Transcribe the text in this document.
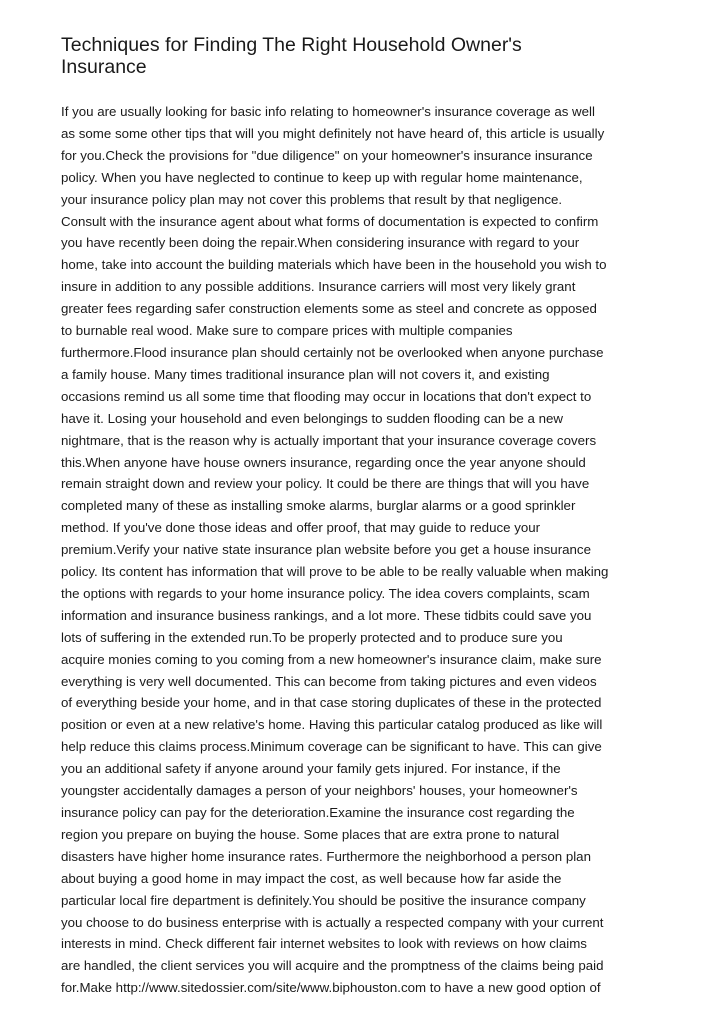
Techniques for Finding The Right Household Owner's
Insurance
If you are usually looking for basic info relating to homeowner's insurance coverage as well
as some some other tips that will you might definitely not have heard of, this article is usually
for you.Check the provisions for "due diligence" on your homeowner's insurance insurance
policy. When you have neglected to continue to keep up with regular home maintenance,
your insurance policy plan may not cover this problems that result by that negligence.
Consult with the insurance agent about what forms of documentation is expected to confirm
you have recently been doing the repair.When considering insurance with regard to your
home, take into account the building materials which have been in the household you wish to
insure in addition to any possible additions. Insurance carriers will most very likely grant
greater fees regarding safer construction elements some as steel and concrete as opposed
to burnable real wood. Make sure to compare prices with multiple companies
furthermore.Flood insurance plan should certainly not be overlooked when anyone purchase
a family house. Many times traditional insurance plan will not covers it, and existing
occasions remind us all some time that flooding may occur in locations that don't expect to
have it. Losing your household and even belongings to sudden flooding can be a new
nightmare, that is the reason why is actually important that your insurance coverage covers
this.When anyone have house owners insurance, regarding once the year anyone should
remain straight down and review your policy. It could be there are things that will you have
completed many of these as installing smoke alarms, burglar alarms or a good sprinkler
method. If you've done those ideas and offer proof, that may guide to reduce your
premium.Verify your native state insurance plan website before you get a house insurance
policy. Its content has information that will prove to be able to be really valuable when making
the options with regards to your home insurance policy. The idea covers complaints, scam
information and insurance business rankings, and a lot more. These tidbits could save you
lots of suffering in the extended run.To be properly protected and to produce sure you
acquire monies coming to you coming from a new homeowner's insurance claim, make sure
everything is very well documented. This can become from taking pictures and even videos
of everything beside your home, and in that case storing duplicates of these in the protected
position or even at a new relative's home. Having this particular catalog produced as like will
help reduce this claims process.Minimum coverage can be significant to have. This can give
you an additional safety if anyone around your family gets injured. For instance, if the
youngster accidentally damages a person of your neighbors' houses, your homeowner's
insurance policy can pay for the deterioration.Examine the insurance cost regarding the
region you prepare on buying the house. Some places that are extra prone to natural
disasters have higher home insurance rates. Furthermore the neighborhood a person plan
about buying a good home in may impact the cost, as well because how far aside the
particular local fire department is definitely.You should be positive the insurance company
you choose to do business enterprise with is actually a respected company with your current
interests in mind. Check different fair internet websites to look with reviews on how claims
are handled, the client services you will acquire and the promptness of the claims being paid
for.Make http://www.sitedossier.com/site/www.biphouston.com to have a new good option of
